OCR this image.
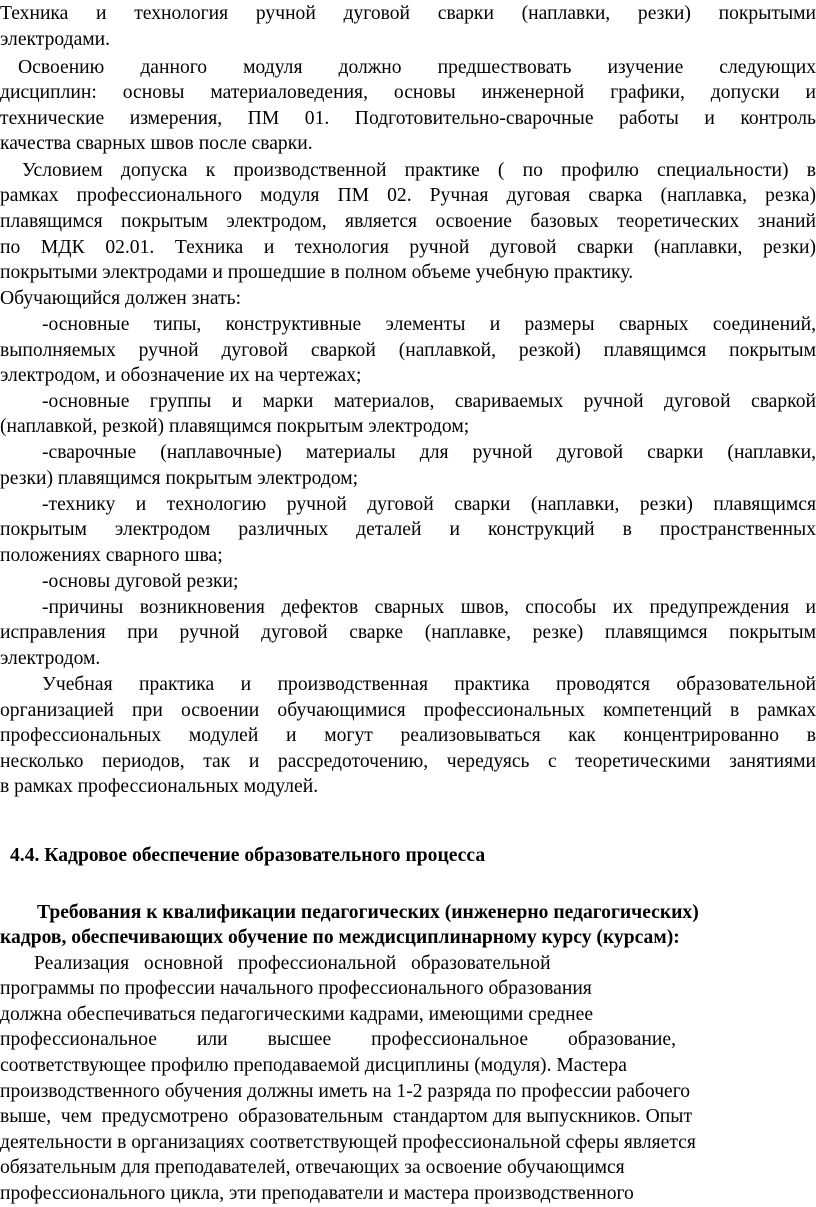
Техника и технология ручной дуговой сварки (наплавки, резки) покрытыми
электродами.
Освоению данного модуля должно предшествовать изучение следующих
дисциплин: основы материаловедения, основы инженерной графики, допуски и
технические измерения, ПМ 01. Подготовительно-сварочные работы и контроль
качества сварных швов после сварки.
Условием допуска к производственной практике ( по профилю специальности) в
рамках профессионального модуля ПМ 02. Ручная дуговая сварка (наплавка, резка)
плавящимся покрытым электродом, является освоение базовых теоретических знаний
по МДК 02.01. Техника и технология ручной дуговой сварки (наплавки, резки)
покрытыми электродами и прошедшие в полном объеме учебную практику.
Обучающийся должен знать:
-основные типы, конструктивные элементы и размеры сварных соединений,
выполняемых ручной дуговой сваркой (наплавкой, резкой) плавящимся покрытым
электродом, и обозначение их на чертежах;
-основные группы и марки материалов, свариваемых ручной дуговой сваркой
(наплавкой, резкой) плавящимся покрытым электродом;
-сварочные (наплавочные) материалы для ручной дуговой сварки (наплавки,
резки) плавящимся покрытым электродом;
-технику и технологию ручной дуговой сварки (наплавки, резки) плавящимся
покрытым электродом различных деталей и конструкций в пространственных
положениях сварного шва;
-основы дуговой резки;
-причины возникновения дефектов сварных швов, способы их предупреждения и
исправления при ручной дуговой сварке (наплавке, резке) плавящимся покрытым
электродом.
Учебная практика и производственная практика проводятся образовательной
организацией при освоении обучающимися профессиональных компетенций в рамках
профессиональных модулей и могут реализовываться как концентрированно в
несколько периодов, так и рассредоточению, чередуясь с теоретическими занятиями
в рамках профессиональных модулей.
4.4. Кадровое обеспечение образовательного процесса
Требования к квалификации педагогических (инженерно педагогических)
кадров, обеспечивающих обучение по междисциплинарному курсу (курсам):
Реализация   основной   профессиональной   образовательной
программы по профессии начального профессионального образования
должна обеспечиваться педагогическими кадрами, имеющими среднее
профессиональное или высшее профессиональное образование,
соответствующее профилю преподаваемой дисциплины (модуля). Мастера
производственного обучения должны иметь на 1-2 разряда по профессии рабочего
выше,  чем  предусмотрено  образовательным  стандартом для выпускников. Опыт
деятельности в организациях соответствующей профессиональной сферы является
обязательным для преподавателей, отвечающих за освоение обучающимся
профессионального цикла, эти преподаватели и мастера производственного
